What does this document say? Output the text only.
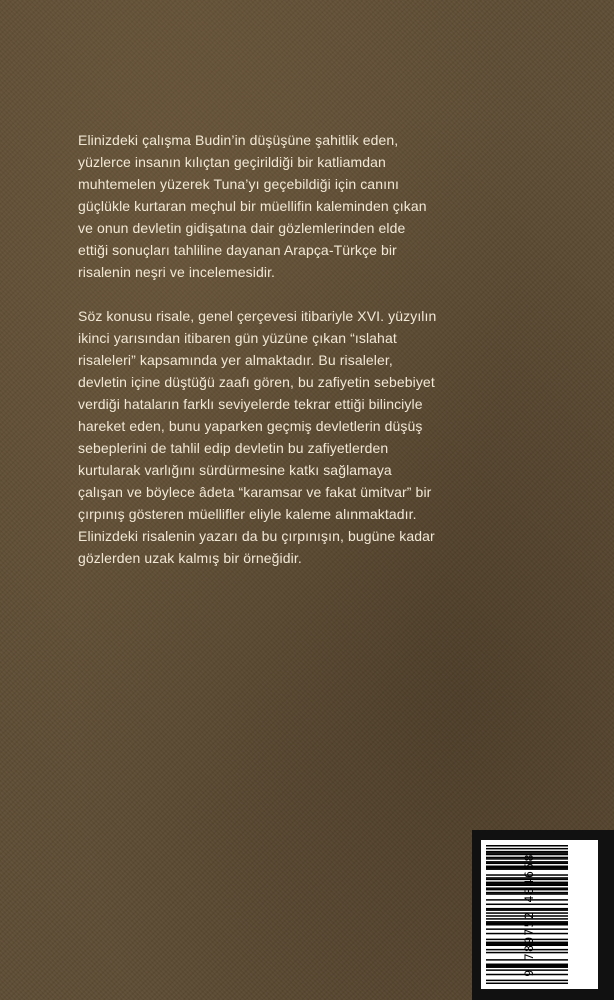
Elinizdeki çalışma Budin’in düşüşüne şahitlik eden,
yüzlerce insanın kılıçtan geçirildiği bir katliamdan
muhtemelen yüzerek Tuna’yı geçebildiği için canını
güçlükle kurtaran meçhul bir müellifin kaleminden çıkan
ve onun devletin gidişatına dair gözlemlerinden elde
ettiği sonuçları tahliline dayanan Arapça-Türkçe bir
risalenin neşri ve incelemesidir.

Söz konusu risale, genel çerçevesi itibariyle XVI. yüzyılın
ikinci yarısından itibaren gün yüzüne çıkan “ıslahat
risaleleri” kapsamında yer almaktadır. Bu risaleler,
devletin içine düştüğü zaafı gören, bu zafiyetin sebebiyet
verdiği hataların farklı seviyelerde tekrar ettiği bilinciyle
hareket eden, bunu yaparken geçmiş devletlerin düşüş
sebeplerini de tahlil edip devletin bu zafiyetlerden
kurtularak varlığını sürdürmesine katkı sağlamaya
çalışan ve böylece âdeta “karamsar ve fakat ümitvar” bir
çırpınış gösteren müellifler eliyle kaleme alınmaktadır.
Elinizdeki risalenin yazarı da bu çırpınışın, bugüne kadar
gözlerden uzak kalmış bir örneğidir.

9 789752 484658
